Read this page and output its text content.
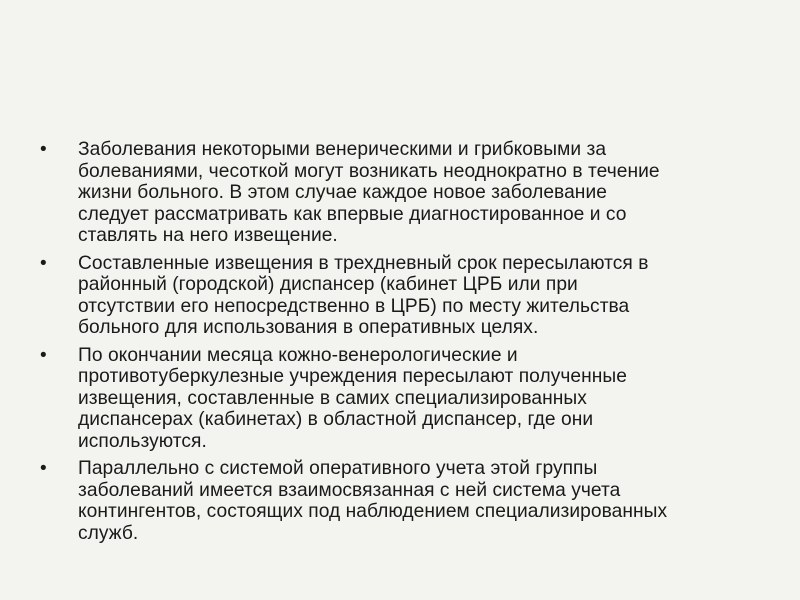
•	Заболевания некоторыми венерическими и грибковыми за
болеваниями, чесоткой могут возникать неоднократно в течение
жизни больного. В этом случае каждое новое заболевание
следует рассматривать как впервые диагностированное и со
ставлять на него извещение.
•	Составленные извещения в трехдневный срок пересылаются в
районный (городской) диспансер (кабинет ЦРБ или при
отсутствии его непосредственно в ЦРБ) по месту жительства
больного для использования в оперативных целях.
•	По окончании месяца кожно-венерологические и
противотуберкулезные учреждения пересылают полученные
извещения, составленные в самих специализированных
диспансерах (кабинетах) в областной диспансер, где они
используются.
•	Параллельно с системой оперативного учета этой группы
заболеваний имеется взаимосвязанная с ней система учета
контингентов, состоящих под наблюдением специализированных
служб.
